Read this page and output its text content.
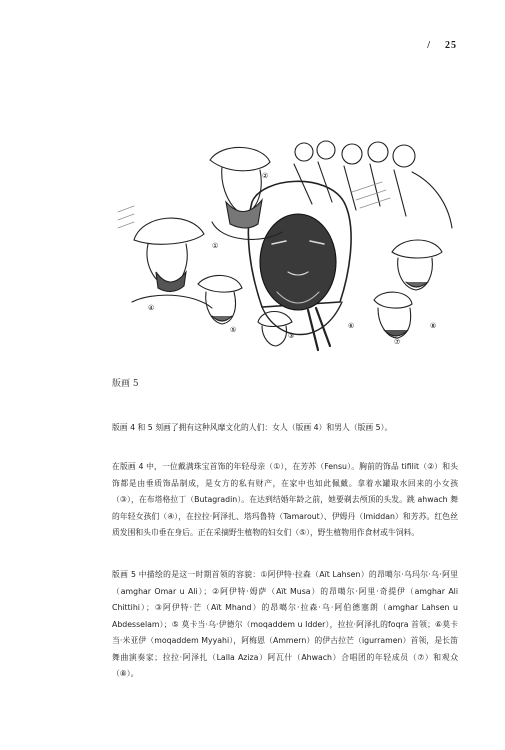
/ 25
①
②
③
④
⑤	⑥
⑦
⑧
版画 5

版画 4 和 5 刻画了拥有这种风靡文化的人们：女人（版画 4）和男人（版画 5）。

在版画 4 中，一位戴满珠宝首饰的年轻母亲（①），在芳苏（Fensu）。胸前的饰品 tifilit（②）和头饰都是由垂质饰品制成，是女方的私有财产，在家中也如此佩戴。拿着水罐取水回来的小女孩（③），在布塔格拉丁（Butagradin）。在达到结婚年龄之前，她要剃去颅顶的头发。跳 ahwach 舞的年轻女孩们（④），在拉拉·阿泽扎、塔玛鲁特（Tamarout）、伊姆丹（Imiddan）和芳苏。红色丝质发围和头巾垂在身后。正在采摘野生植物的妇女们（⑤），野生植物用作食材或牛饲料。

版画 5 中描绘的是这一时期首领的容貌：①阿伊特·拉森（Aït Lahsen）的昂噶尔·乌玛尔·乌·阿里（amghar Omar u Ali）；②阿伊特·姆萨（Aït Musa）的昂噶尔·阿里·奇提伊（amghar Ali Chittihi）；③阿伊特·芒（Aït Mhand）的昂噶尔·拉森·乌·阿伯德塞朗（amghar Lahsen u Abdesselam）；⑤ 莫卡当·乌·伊德尔（moqaddem u Idder），拉拉·阿泽扎的foqra 首领；⑥莫卡当·米亚伊（moqaddem Myyahi），阿梅恩（Ammern）的伊古拉芒（igurramen）首领，是长笛舞曲演奏家；拉拉·阿泽扎（Lalla Aziza）阿瓦什（Ahwach）合唱团的年轻成员（⑦）和观众（⑧）。
